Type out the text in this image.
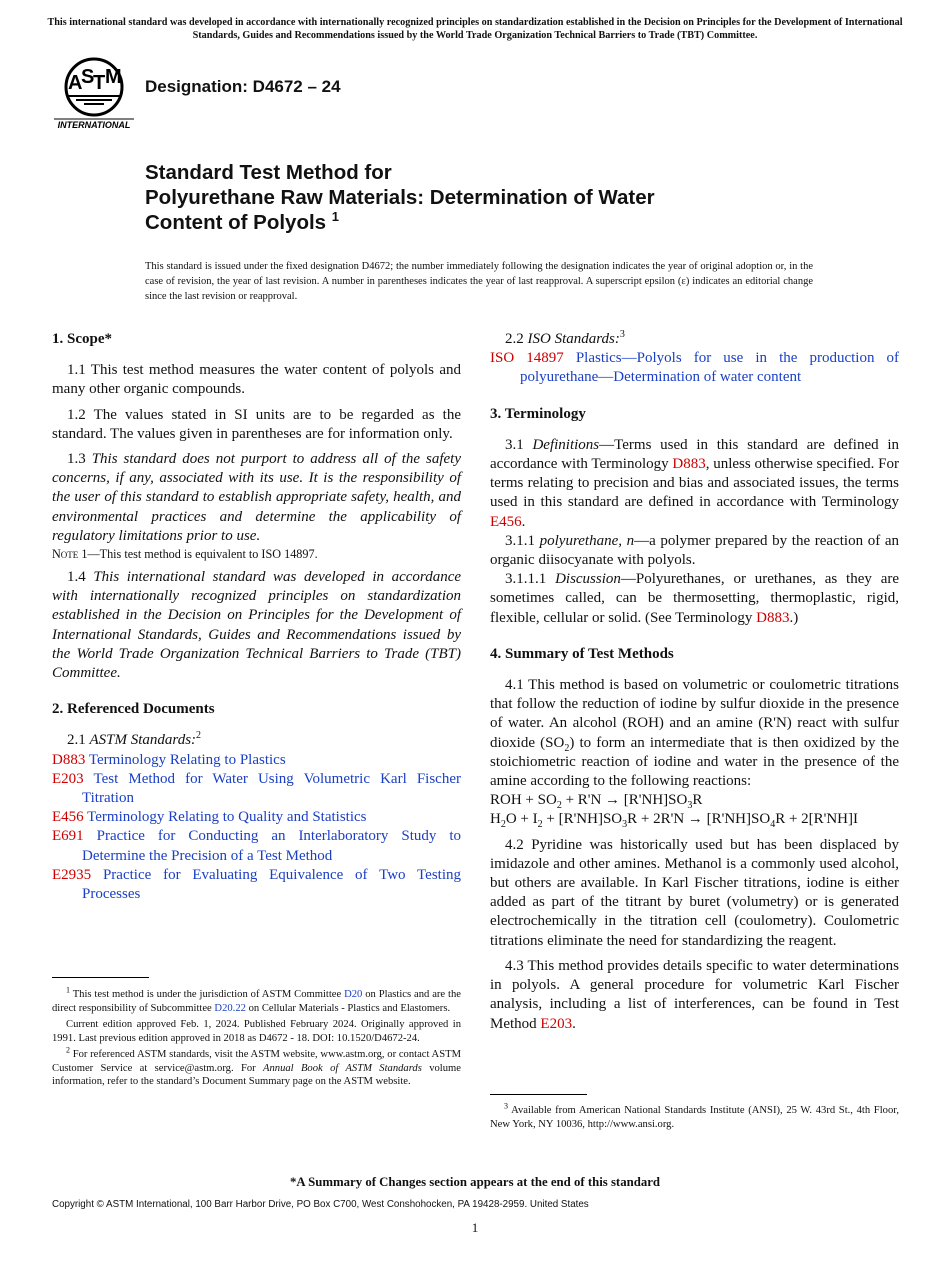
This international standard was developed in accordance with internationally recognized principles on standardization established in the Decision on Principles for the Development of International Standards, Guides and Recommendations issued by the World Trade Organization Technical Barriers to Trade (TBT) Committee.
A
S
T M
INTERNATIONAL
Designation: D4672 – 24
Standard Test Method for
Polyurethane Raw Materials: Determination of Water
Content of Polyols $^1$
This standard is issued under the fixed designation D4672; the number immediately following the designation indicates the year of original adoption or, in the case of revision, the year of last revision. A number in parentheses indicates the year of last reapproval. A superscript epsilon (ε) indicates an editorial change since the last revision or reapproval.

1. Scope*

1.1 This test method measures the water content of polyols and many other organic compounds.

1.2 The values stated in SI units are to be regarded as the standard. The values given in parentheses are for information only.

1.3 This standard does not purport to address all of the safety concerns, if any, associated with its use. It is the responsibility of the user of this standard to establish appropriate safety, health, and environmental practices and determine the applicability of regulatory limitations prior to use.

Note 1—This test method is equivalent to ISO 14897.

1.4 This international standard was developed in accordance with internationally recognized principles on standardization established in the Decision on Principles for the Development of International Standards, Guides and Recommendations issued by the World Trade Organization Technical Barriers to Trade (TBT) Committee.

2. Referenced Documents

2.1 ASTM Standards:$^2$

D883 Terminology Relating to Plastics

E203 Test Method for Water Using Volumetric Karl Fischer Titration

E456 Terminology Relating to Quality and Statistics

E691 Practice for Conducting an Interlaboratory Study to Determine the Precision of a Test Method

E2935 Practice for Evaluating Equivalence of Two Testing Processes

$^1$ This test method is under the jurisdiction of ASTM Committee D20 on Plastics and are the direct responsibility of Subcommittee D20.22 on Cellular Materials - Plastics and Elastomers.

Current edition approved Feb. 1, 2024. Published February 2024. Originally approved in 1991. Last previous edition approved in 2018 as D4672 - 18. DOI: 10.1520/D4672-24.

$^2$ For referenced ASTM standards, visit the ASTM website, www.astm.org, or contact ASTM Customer Service at service@astm.org. For Annual Book of ASTM Standards volume information, refer to the standard’s Document Summary page on the ASTM website.

2.2 ISO Standards:$^3$

ISO 14897 Plastics—Polyols for use in the production of polyurethane—Determination of water content

3. Terminology

3.1 Definitions—Terms used in this standard are defined in accordance with Terminology D883, unless otherwise specified. For terms relating to precision and bias and associated issues, the terms used in this standard are defined in accordance with Terminology E456.

3.1.1 polyurethane, n—a polymer prepared by the reaction of an organic diisocyanate with polyols.

3.1.1.1 Discussion—Polyurethanes, or urethanes, as they are sometimes called, can be thermosetting, thermoplastic, rigid, flexible, cellular or solid. (See Terminology D883.)

4. Summary of Test Methods

4.1 This method is based on volumetric or coulometric titrations that follow the reduction of iodine by sulfur dioxide in the presence of water. An alcohol (ROH) and an amine (R'N) react with sulfur dioxide $(SO_2)$ to form an intermediate that is then oxidized by the stoichiometric reaction of iodine and water in the presence of the amine according to the following reactions:

ROH + $SO_2 + R'N \to [R'NH]SO_3R$

$H_2O + I_2 + [R'NH]SO_3R + 2R'N \to [R'NH]SO_4R + 2[R'NH]I$

4.2 Pyridine was historically used but has been displaced by imidazole and other amines. Methanol is a commonly used alcohol, but others are available. In Karl Fischer titrations, iodine is either added as part of the titrant by buret (volumetry) or is generated electrochemically in the titration cell (coulometry). Coulometric titrations eliminate the need for standardizing the reagent.

4.3 This method provides details specific to water determinations in polyols. A general procedure for volumetric Karl Fischer analysis, including a list of interferences, can be found in Test Method E203.

$^3$ Available from American National Standards Institute (ANSI), 25 W. 43rd St., 4th Floor, New York, NY 10036, http://www.ansi.org.

*A Summary of Changes section appears at the end of this standard
Copyright © ASTM International, 100 Barr Harbor Drive, PO Box C700, West Conshohocken, PA 19428-2959. United States
1
